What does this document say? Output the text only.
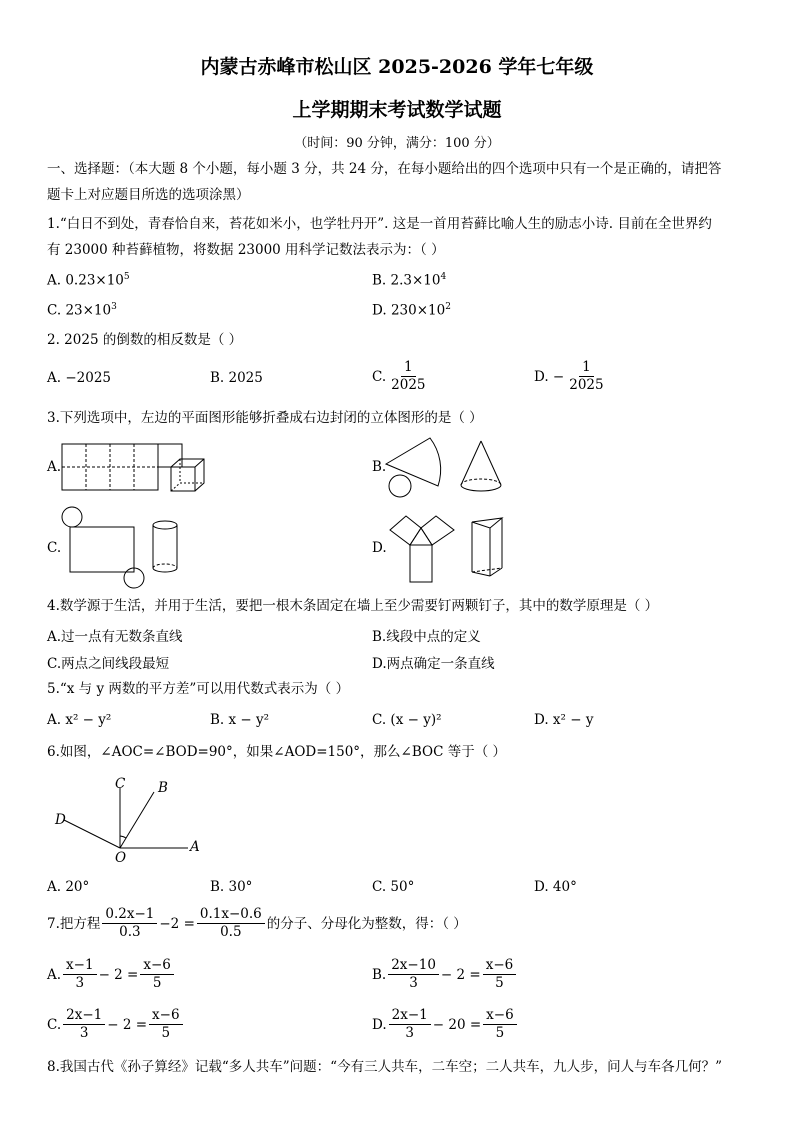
内蒙古赤峰市松山区 2025-2026 学年七年级
上学期期末考试数学试题
（时间：90 分钟，满分：100 分）
一、选择题：（本大题 8 个小题，每小题 3 分，共 24 分，在每小题给出的四个选项中只有一个是正确的，请把答
题卡上对应题目所选的选项涂黑）
1.“白日不到处，青春恰自来，苔花如米小，也学牡丹开”. 这是一首用苔藓比喻人生的励志小诗. 目前在全世界约
有 23000 种苔藓植物，将数据 23000 用科学记数法表示为：（ ）
A. $0.23\times 10^5$	B. $2.3\times 10^4$
C. $23\times 10^3$	D. $230\times 10^2$
2. 2025 的倒数的相反数是（ ）
A. −2025	B. 2025	C. $\frac{1}{2025}$	D. − $\frac{1}{2025}$
3.下列选项中，左边的平面图形能够折叠成右边封闭的立体图形的是（ ）
A.	B.
C.	D.
4.数学源于生活，并用于生活，要把一根木条固定在墙上至少需要钉两颗钉子，其中的数学原理是（ ）
A.过一点有无数条直线	B.线段中点的定义
C.两点之间线段最短	D.两点确定一条直线
5.“x 与 y 两数的平方差”可以用代数式表示为（ ）
A. x² − y²	B. x − y²	C. (x − y)²	D. x² − y
6.如图，∠AOC=∠BOD=90°，如果∠AOD=150°，那么∠BOC 等于（ ）
C B
D
O
A
A. 20°	B. 30°	C. 50°	D. 40°
7.把方程 $\frac{0.2x-1}{0.3} -2 = \frac{0.1x-0.6}{0.5}$ 的分子、分母化为整数，得：（ ）
A. $\frac{x-1}{3} - 2 = \frac{x-6}{5}$	B. $\frac{2x-10}{3} - 2 = \frac{x-6}{5}$
C. $\frac{2x-1}{3} - 2 = \frac{x-6}{5}$	D. $\frac{2x-1}{3} - 20 = \frac{x-6}{5}$
8.我国古代《孙子算经》记载“多人共车”问题：“今有三人共车，二车空；二人共车，九人步，问人与车各几何？”
